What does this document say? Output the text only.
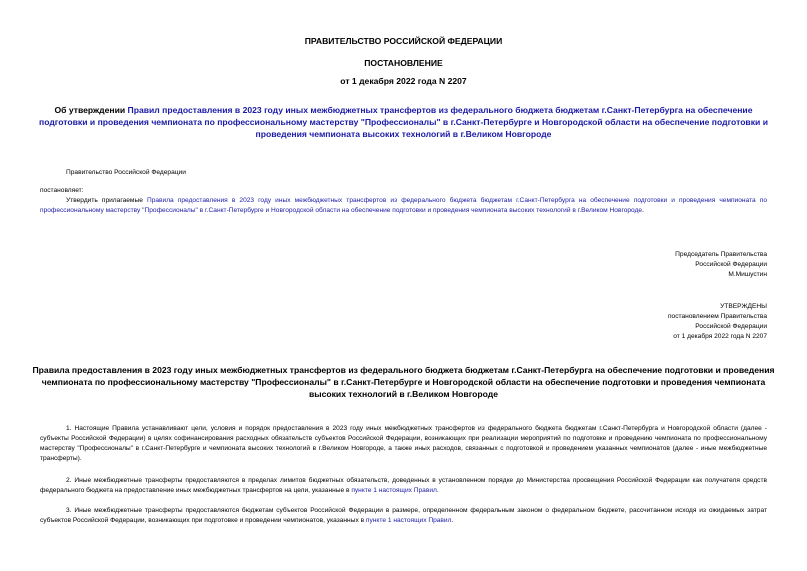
ПРАВИТЕЛЬСТВО РОССИЙСКОЙ ФЕДЕРАЦИИ
ПОСТАНОВЛЕНИЕ
от 1 декабря 2022 года N 2207
Об утверждении Правил предоставления в 2023 году иных межбюджетных трансфертов из федерального бюджета бюджетам г.Санкт-Петербурга на обеспечение подготовки и проведения чемпионата по профессиональному мастерству "Профессионалы" в г.Санкт-Петербурге и Новгородской области на обеспечение подготовки и проведения чемпионата высоких технологий в г.Великом Новгороде
Правительство Российской Федерации
постановляет:
Утвердить прилагаемые Правила предоставления в 2023 году иных межбюджетных трансфертов из федерального бюджета бюджетам г.Санкт-Петербурга на обеспечение подготовки и проведения чемпионата по профессиональному мастерству "Профессионалы" в г.Санкт-Петербурге и Новгородской области на обеспечение подготовки и проведения чемпионата высоких технологий в г.Великом Новгороде.
Председатель Правительства
Российской Федерации
М.Мишустин
УТВЕРЖДЕНЫ
постановлением Правительства
Российской Федерации
от 1 декабря 2022 года N 2207
Правила предоставления в 2023 году иных межбюджетных трансфертов из федерального бюджета бюджетам г.Санкт-Петербурга на обеспечение подготовки и проведения чемпионата по профессиональному мастерству "Профессионалы" в г.Санкт-Петербурге и Новгородской области на обеспечение подготовки и проведения чемпионата высоких технологий в г.Великом Новгороде
1. Настоящие Правила устанавливают цели, условия и порядок предоставления в 2023 году иных межбюджетных трансфертов из федерального бюджета бюджетам г.Санкт-Петербурга и Новгородской области (далее - субъекты Российской Федерации) в целях софинансирования расходных обязательств субъектов Российской Федерации, возникающих при реализации мероприятий по подготовке и проведению чемпионата по профессиональному мастерству "Профессионалы" в г.Санкт-Петербурге и чемпионата высоких технологий в г.Великом Новгороде, а также иных расходов, связанных с подготовкой и проведением указанных чемпионатов (далее - иные межбюджетные трансферты).
2. Иные межбюджетные трансферты предоставляются в пределах лимитов бюджетных обязательств, доведенных в установленном порядке до Министерства просвещения Российской Федерации как получателя средств федерального бюджета на предоставление иных межбюджетных трансфертов на цели, указанные в пункте 1 настоящих Правил.
3. Иные межбюджетные трансферты предоставляются бюджетам субъектов Российской Федерации в размере, определенном федеральным законом о федеральном бюджете, рассчитанном исходя из ожидаемых затрат субъектов Российской Федерации, возникающих при подготовке и проведении чемпионатов, указанных в пункте 1 настоящих Правил.
